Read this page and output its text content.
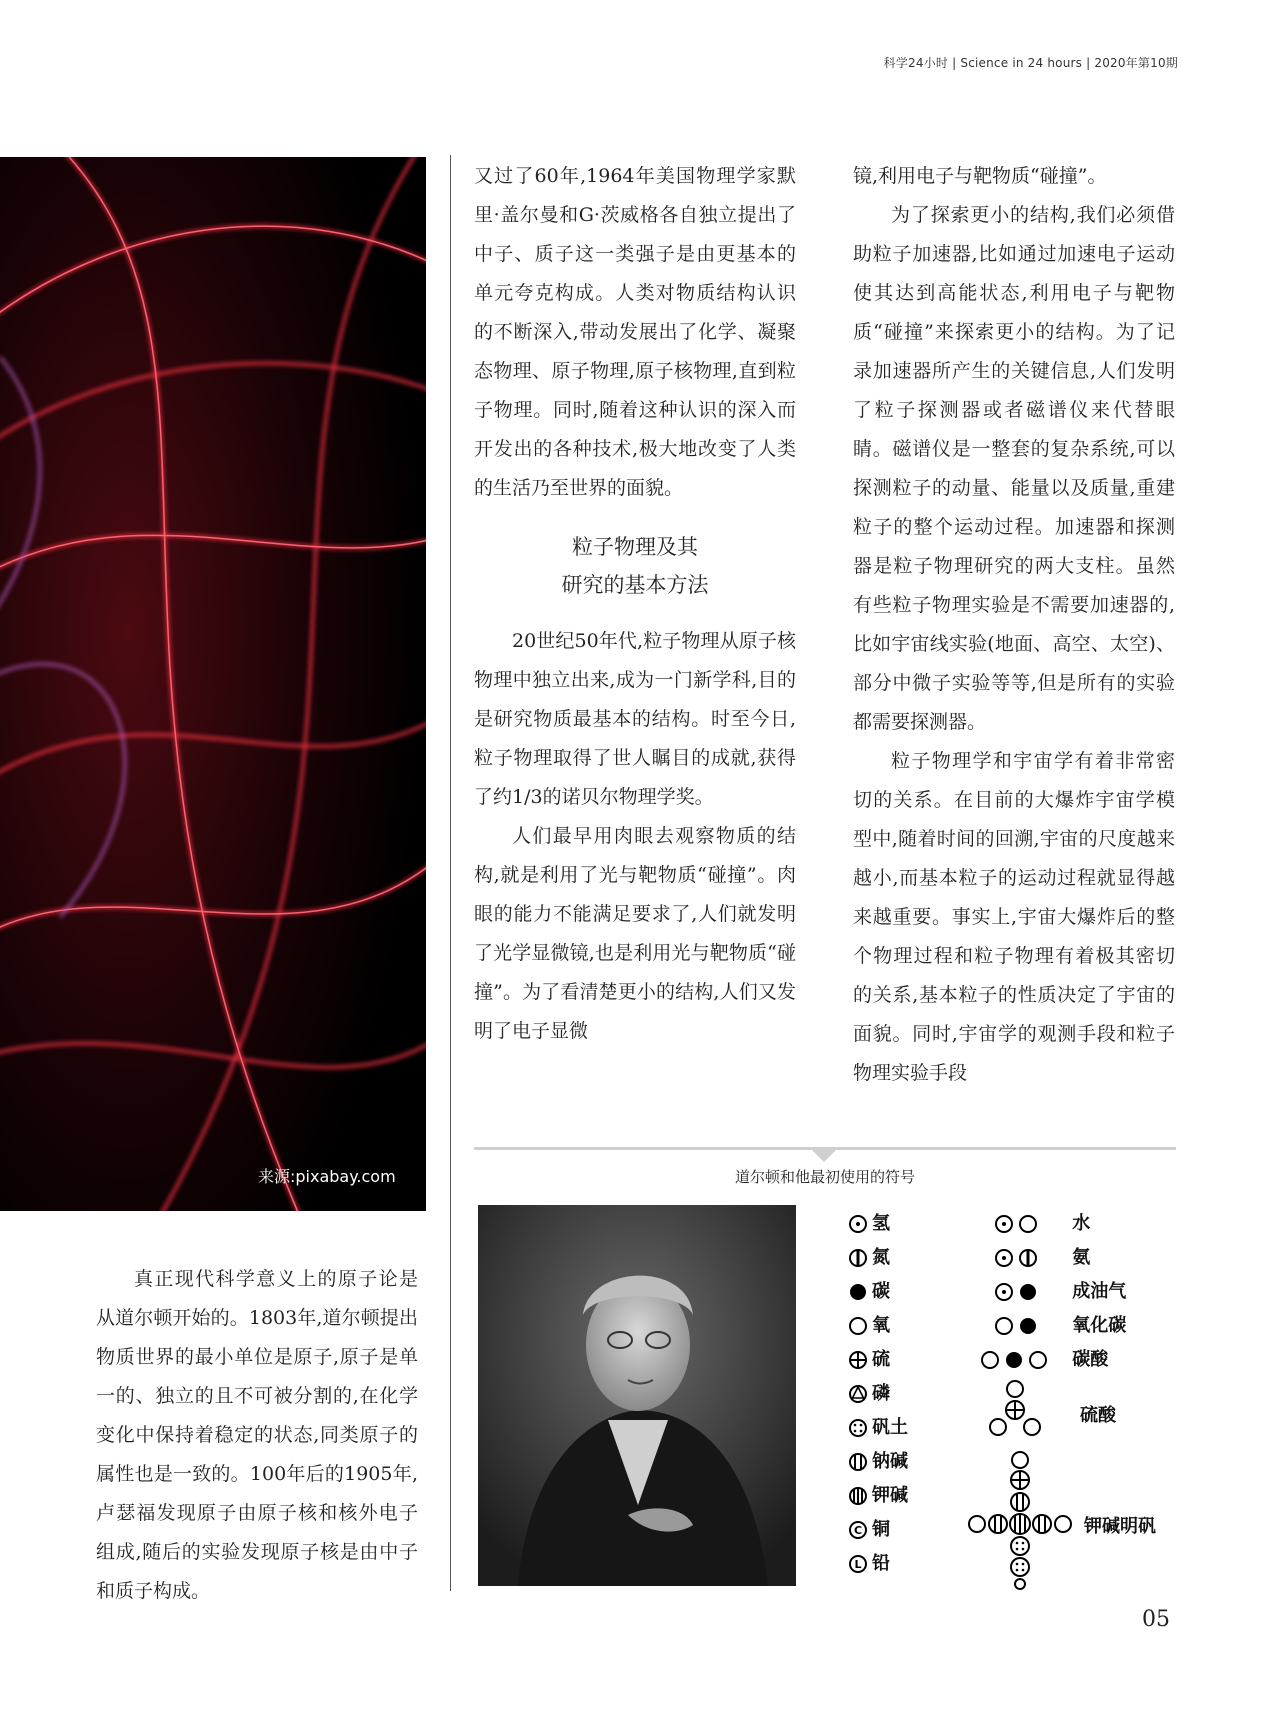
科学24小时 | Science in 24 hours | 2020年第10期
来源:pixabay.com

又过了60年,1964年美国物理学家默里·盖尔曼和G·茨威格各自独立提出了中子、质子这一类强子是由更基本的单元夸克构成。人类对物质结构认识的不断深入,带动发展出了化学、凝聚态物理、原子物理,原子核物理,直到粒子物理。同时,随着这种认识的深入而开发出的各种技术,极大地改变了人类的生活乃至世界的面貌。

粒子物理及其
研究的基本方法

20世纪50年代,粒子物理从原子核物理中独立出来,成为一门新学科,目的是研究物质最基本的结构。时至今日,粒子物理取得了世人瞩目的成就,获得了约1/3的诺贝尔物理学奖。

人们最早用肉眼去观察物质的结构,就是利用了光与靶物质“碰撞”。肉眼的能力不能满足要求了,人们就发明了光学显微镜,也是利用光与靶物质“碰撞”。为了看清楚更小的结构,人们又发明了电子显微

镜,利用电子与靶物质“碰撞”。

为了探索更小的结构,我们必须借助粒子加速器,比如通过加速电子运动使其达到高能状态,利用电子与靶物质“碰撞”来探索更小的结构。为了记录加速器所产生的关键信息,人们发明了粒子探测器或者磁谱仪来代替眼睛。磁谱仪是一整套的复杂系统,可以探测粒子的动量、能量以及质量,重建粒子的整个运动过程。加速器和探测器是粒子物理研究的两大支柱。虽然有些粒子物理实验是不需要加速器的,比如宇宙线实验(地面、高空、太空)、部分中微子实验等等,但是所有的实验都需要探测器。

粒子物理学和宇宙学有着非常密切的关系。在目前的大爆炸宇宙学模型中,随着时间的回溯,宇宙的尺度越来越小,而基本粒子的运动过程就显得越来越重要。事实上,宇宙大爆炸后的整个物理过程和粒子物理有着极其密切的关系,基本粒子的性质决定了宇宙的面貌。同时,宇宙学的观测手段和粒子物理实验手段

真正现代科学意义上的原子论是从道尔顿开始的。1803年,道尔顿提出物质世界的最小单位是原子,原子是单一的、独立的且不可被分割的,在化学变化中保持着稳定的状态,同类原子的属性也是一致的。100年后的1905年,卢瑟福发现原子由原子核和核外电子组成,随后的实验发现原子核是由中子和质子构成。

道尔顿和他最初使用的符号
氢
氮
碳
氧
硫
磷
矾土
钠碱
钾碱
C 铜
L 铅
水
氨
成油气
氧化碳
碳酸
硫酸
钾碱明矾
05
